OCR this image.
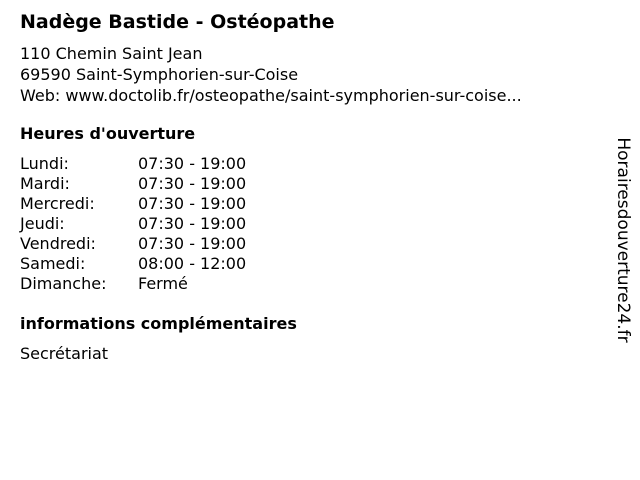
Nadège Bastide - Ostéopathe
110 Chemin Saint Jean
69590 Saint-Symphorien-sur-Coise
Web: www.doctolib.fr/osteopathe/saint-symphorien-sur-coise...
Heures d'ouverture
Lundi:	07:30 - 19:00
Mardi:	07:30 - 19:00
Mercredi:	07:30 - 19:00
Jeudi:	07:30 - 19:00
Vendredi:	07:30 - 19:00
Samedi:	08:00 - 12:00
Dimanche:	Fermé
informations complémentaires
Secrétariat
Horairesdouverture24.fr
